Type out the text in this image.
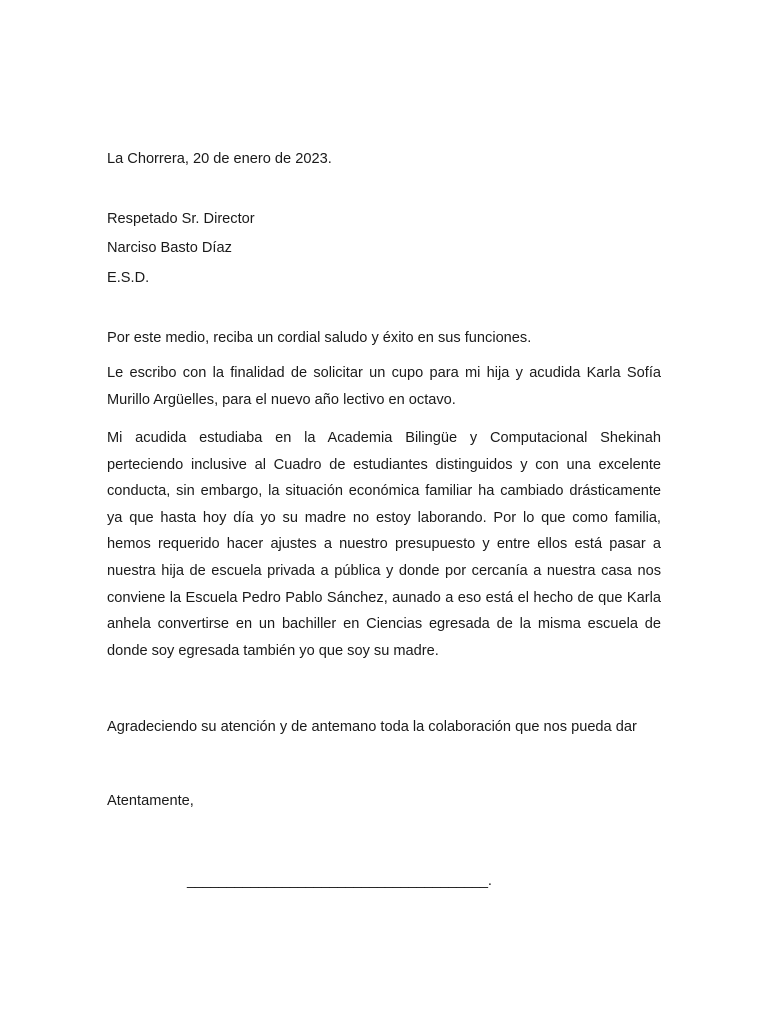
La Chorrera, 20 de enero de 2023.
Respetado Sr. Director
Narciso Basto Díaz
E.S.D.
Por este medio, reciba un cordial saludo y éxito en sus funciones.
Le escribo con la finalidad de solicitar un cupo para mi hija y acudida Karla Sofía Murillo Argüelles, para el nuevo año lectivo en octavo.
Mi acudida estudiaba en la Academia Bilingüe y Computacional Shekinah perteciendo inclusive al Cuadro de estudiantes distinguidos y con una excelente conducta, sin embargo, la situación económica familiar ha cambiado drásticamente ya que hasta hoy día yo su madre no estoy laborando. Por lo que como familia, hemos requerido hacer ajustes a nuestro presupuesto y entre ellos está pasar a nuestra hija de escuela privada a pública y donde por cercanía a nuestra casa nos conviene la Escuela Pedro Pablo Sánchez, aunado a eso está el hecho de que Karla anhela convertirse en un bachiller en Ciencias egresada de la misma escuela de donde soy egresada también yo que soy su madre.
Agradeciendo su atención y de antemano toda la colaboración que nos pueda dar
Atentamente,
______________________________________.
